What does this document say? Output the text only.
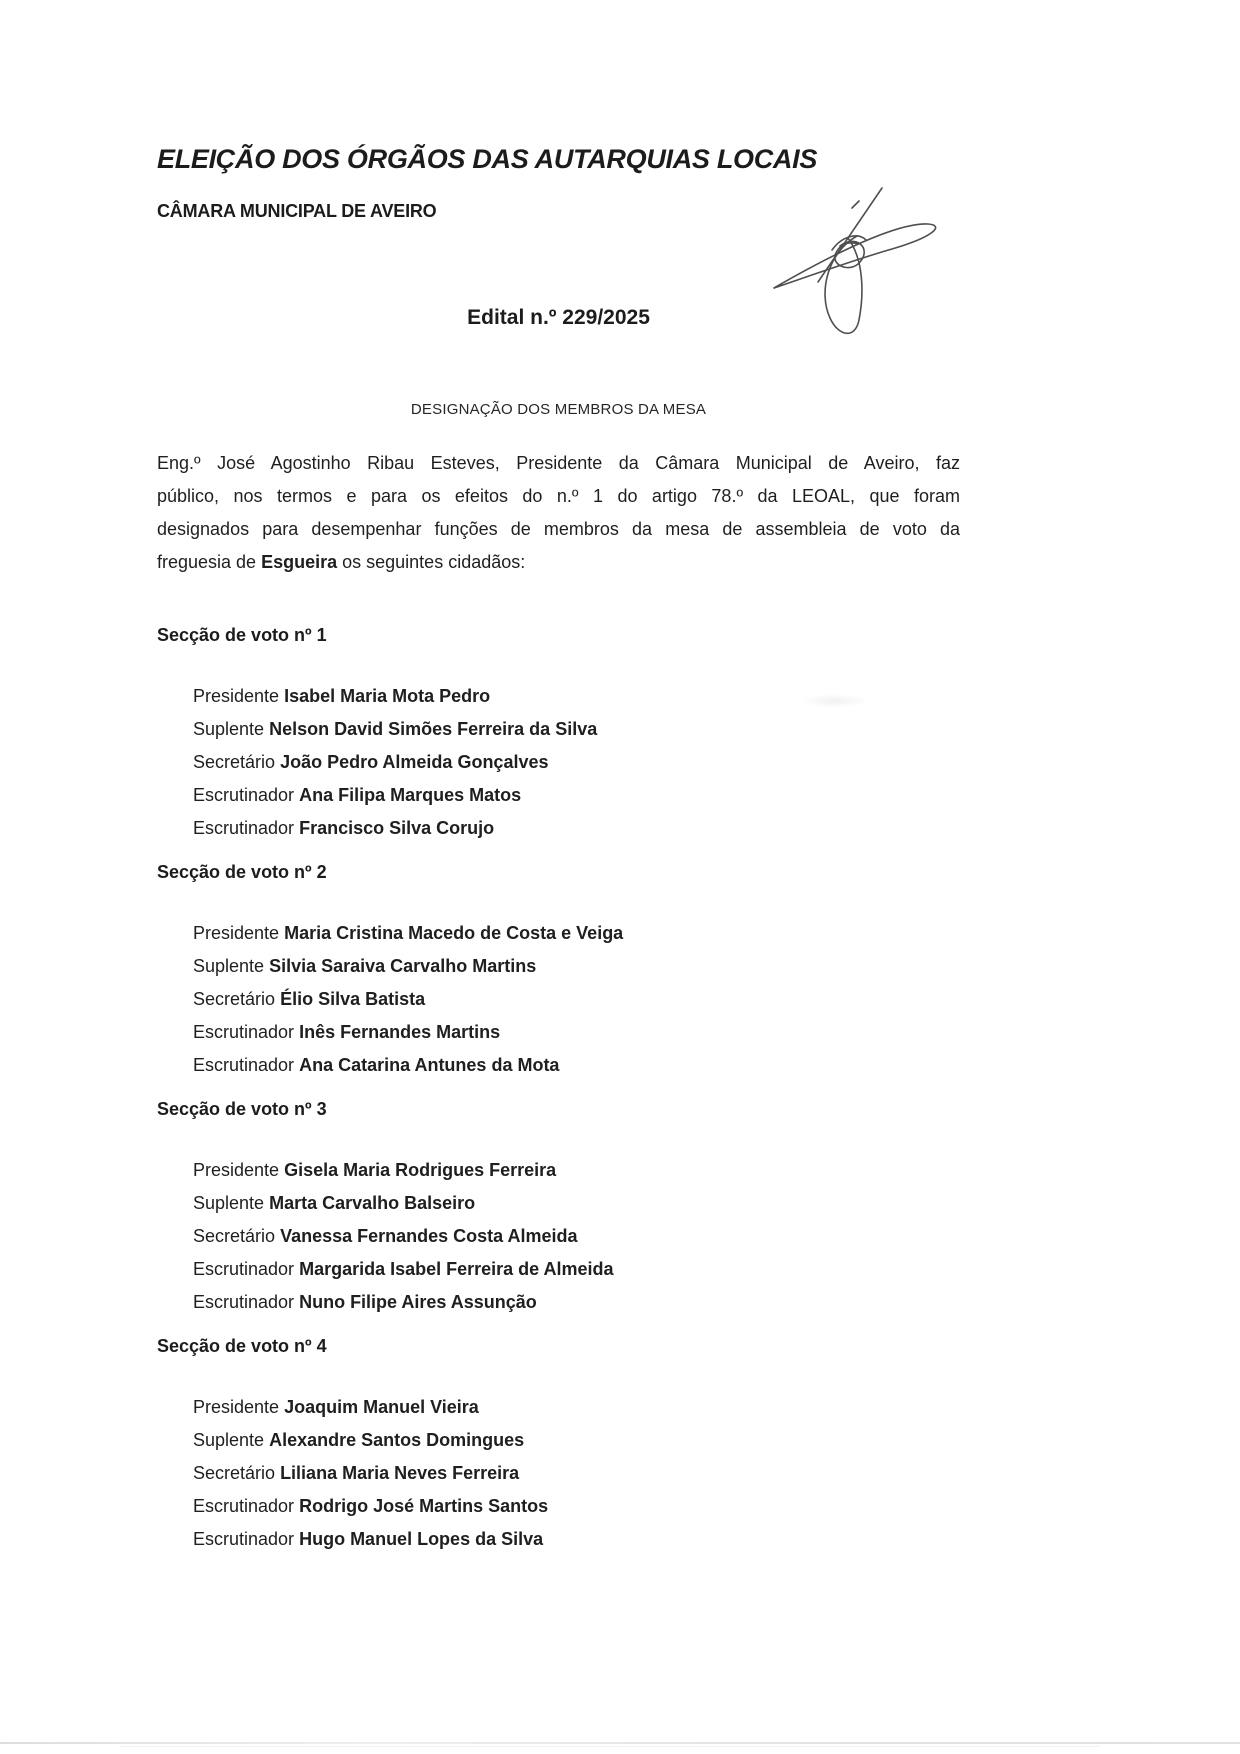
ELEIÇÃO DOS ÓRGÃOS DAS AUTARQUIAS LOCAIS
CÂMARA MUNICIPAL DE AVEIRO
Edital n.º 229/2025
DESIGNAÇÃO DOS MEMBROS DA MESA
Eng.º José Agostinho Ribau Esteves, Presidente da Câmara Municipal de Aveiro, faz
público, nos termos e para os efeitos do n.º 1 do artigo 78.º da LEOAL, que foram
designados para desempenhar funções de membros da mesa de assembleia de voto da
freguesia de Esgueira os seguintes cidadãos:
Secção de voto nº 1
Presidente Isabel Maria Mota Pedro
Suplente Nelson David Simões Ferreira da Silva
Secretário João Pedro Almeida Gonçalves
Escrutinador Ana Filipa Marques Matos
Escrutinador Francisco Silva Corujo
Secção de voto nº 2
Presidente Maria Cristina Macedo de Costa e Veiga
Suplente Silvia Saraiva Carvalho Martins
Secretário Élio Silva Batista
Escrutinador Inês Fernandes Martins
Escrutinador Ana Catarina Antunes da Mota
Secção de voto nº 3
Presidente Gisela Maria Rodrigues Ferreira
Suplente Marta Carvalho Balseiro
Secretário Vanessa Fernandes Costa Almeida
Escrutinador Margarida Isabel Ferreira de Almeida
Escrutinador Nuno Filipe Aires Assunção
Secção de voto nº 4
Presidente Joaquim Manuel Vieira
Suplente Alexandre Santos Domingues
Secretário Liliana Maria Neves Ferreira
Escrutinador Rodrigo José Martins Santos
Escrutinador Hugo Manuel Lopes da Silva
